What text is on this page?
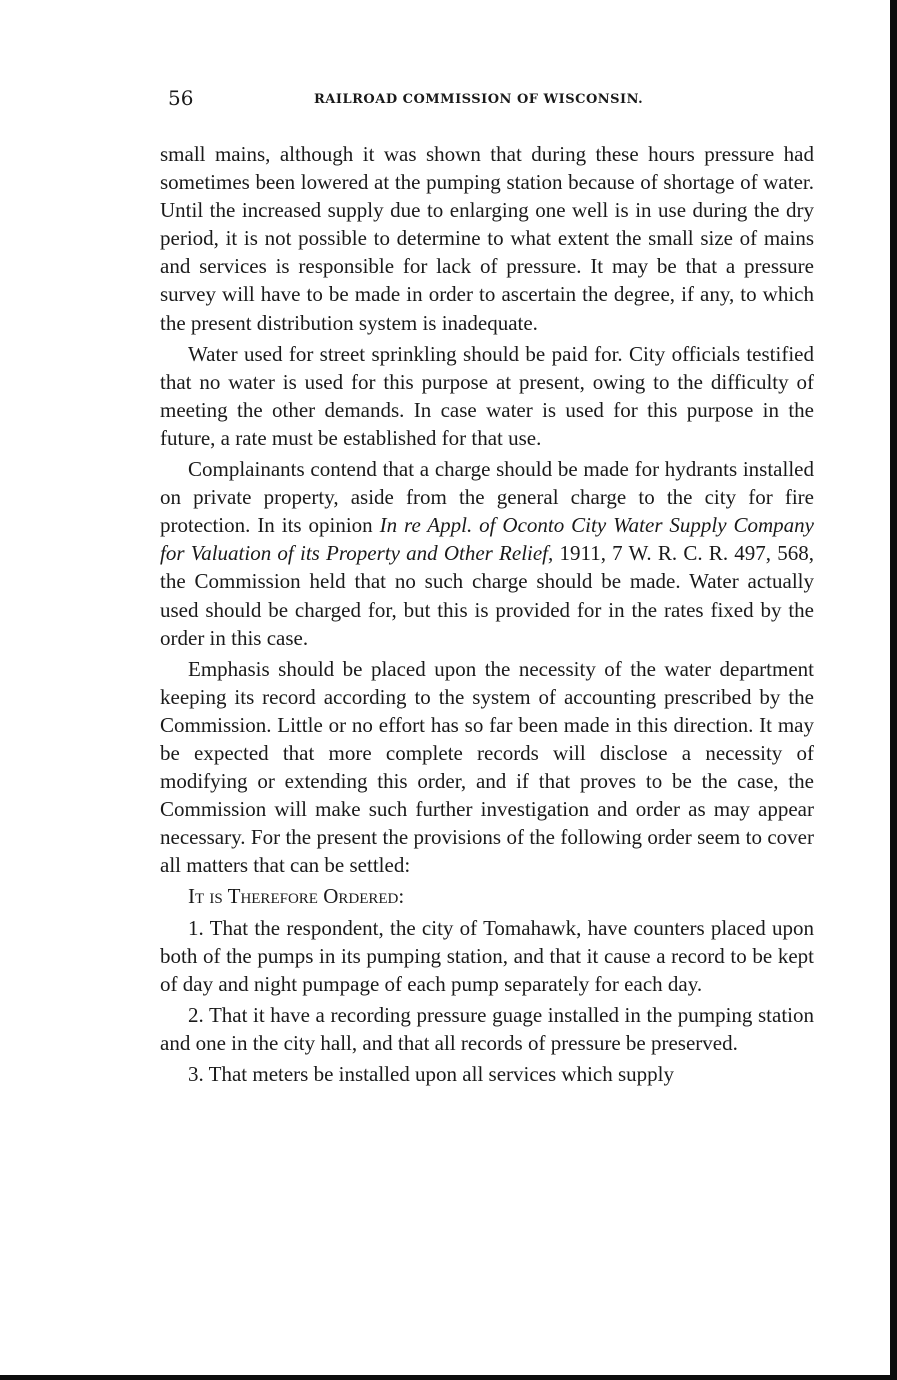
56	RAILROAD COMMISSION OF WISCONSIN.

small mains, although it was shown that during these hours pressure had sometimes been lowered at the pumping station because of shortage of water. Until the increased supply due to enlarging one well is in use during the dry period, it is not possible to determine to what extent the small size of mains and services is responsible for lack of pressure. It may be that a pressure survey will have to be made in order to ascertain the degree, if any, to which the present distribution system is inadequate.

Water used for street sprinkling should be paid for. City officials testified that no water is used for this purpose at present, owing to the difficulty of meeting the other demands. In case water is used for this purpose in the future, a rate must be established for that use.

Complainants contend that a charge should be made for hydrants installed on private property, aside from the general charge to the city for fire protection. In its opinion In re Appl. of Oconto City Water Supply Company for Valuation of its Property and Other Relief, 1911, 7 W. R. C. R. 497, 568, the Commission held that no such charge should be made. Water actually used should be charged for, but this is provided for in the rates fixed by the order in this case.

Emphasis should be placed upon the necessity of the water department keeping its record according to the system of accounting prescribed by the Commission. Little or no effort has so far been made in this direction. It may be expected that more complete records will disclose a necessity of modifying or extending this order, and if that proves to be the case, the Commission will make such further investigation and order as may appear necessary. For the present the provisions of the following order seem to cover all matters that can be settled:

It is Therefore Ordered:

1. That the respondent, the city of Tomahawk, have counters placed upon both of the pumps in its pumping station, and that it cause a record to be kept of day and night pumpage of each pump separately for each day.

2. That it have a recording pressure guage installed in the pumping station and one in the city hall, and that all records of pressure be preserved.

3. That meters be installed upon all services which supply
